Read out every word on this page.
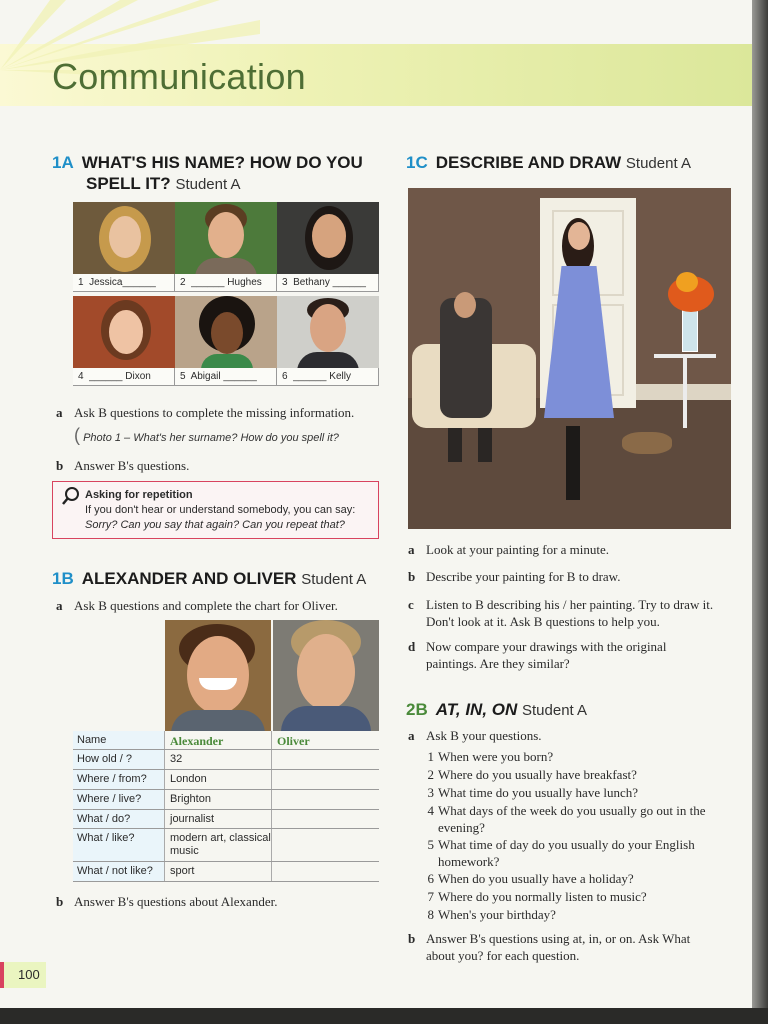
Communication
1A WHAT'S HIS NAME? HOW DO YOU
SPELL IT? Student A
1 Jessica______	2 ______ Hughes	3 Bethany ______
4 ______ Dixon	5 Abigail ______	6 ______ Kelly
a Ask B questions to complete the missing information.
( Photo 1 – What's her surname? How do you spell it?
b Answer B's questions.
Asking for repetition
If you don't hear or understand somebody, you can say:
Sorry? Can you say that again? Can you repeat that?
1B ALEXANDER AND OLIVER Student A
a Ask B questions and complete the chart for Oliver.
Name	Alexander	Oliver
How old / ?	32
Where / from?	London
Where / live?	Brighton
What / do?	journalist
What / like?	modern art, classical music
What / not like?	sport
b Answer B's questions about Alexander.
1C DESCRIBE AND DRAW Student A
a Look at your painting for a minute.
b Describe your painting for B to draw.
c Listen to B describing his / her painting. Try to draw it. Don't look at it. Ask B questions to help you.
d Now compare your drawings with the original paintings. Are they similar?
2B AT, IN, ON Student A
a Ask B your questions.
1 When were you born?
2 Where do you usually have breakfast?
3 What time do you usually have lunch?
4 What days of the week do you usually go out in the evening?
5 What time of day do you usually do your English homework?
6 When do you usually have a holiday?
7 Where do you normally listen to music?
8 When's your birthday?
b Answer B's questions using at, in, or on. Ask What about you? for each question.
100
